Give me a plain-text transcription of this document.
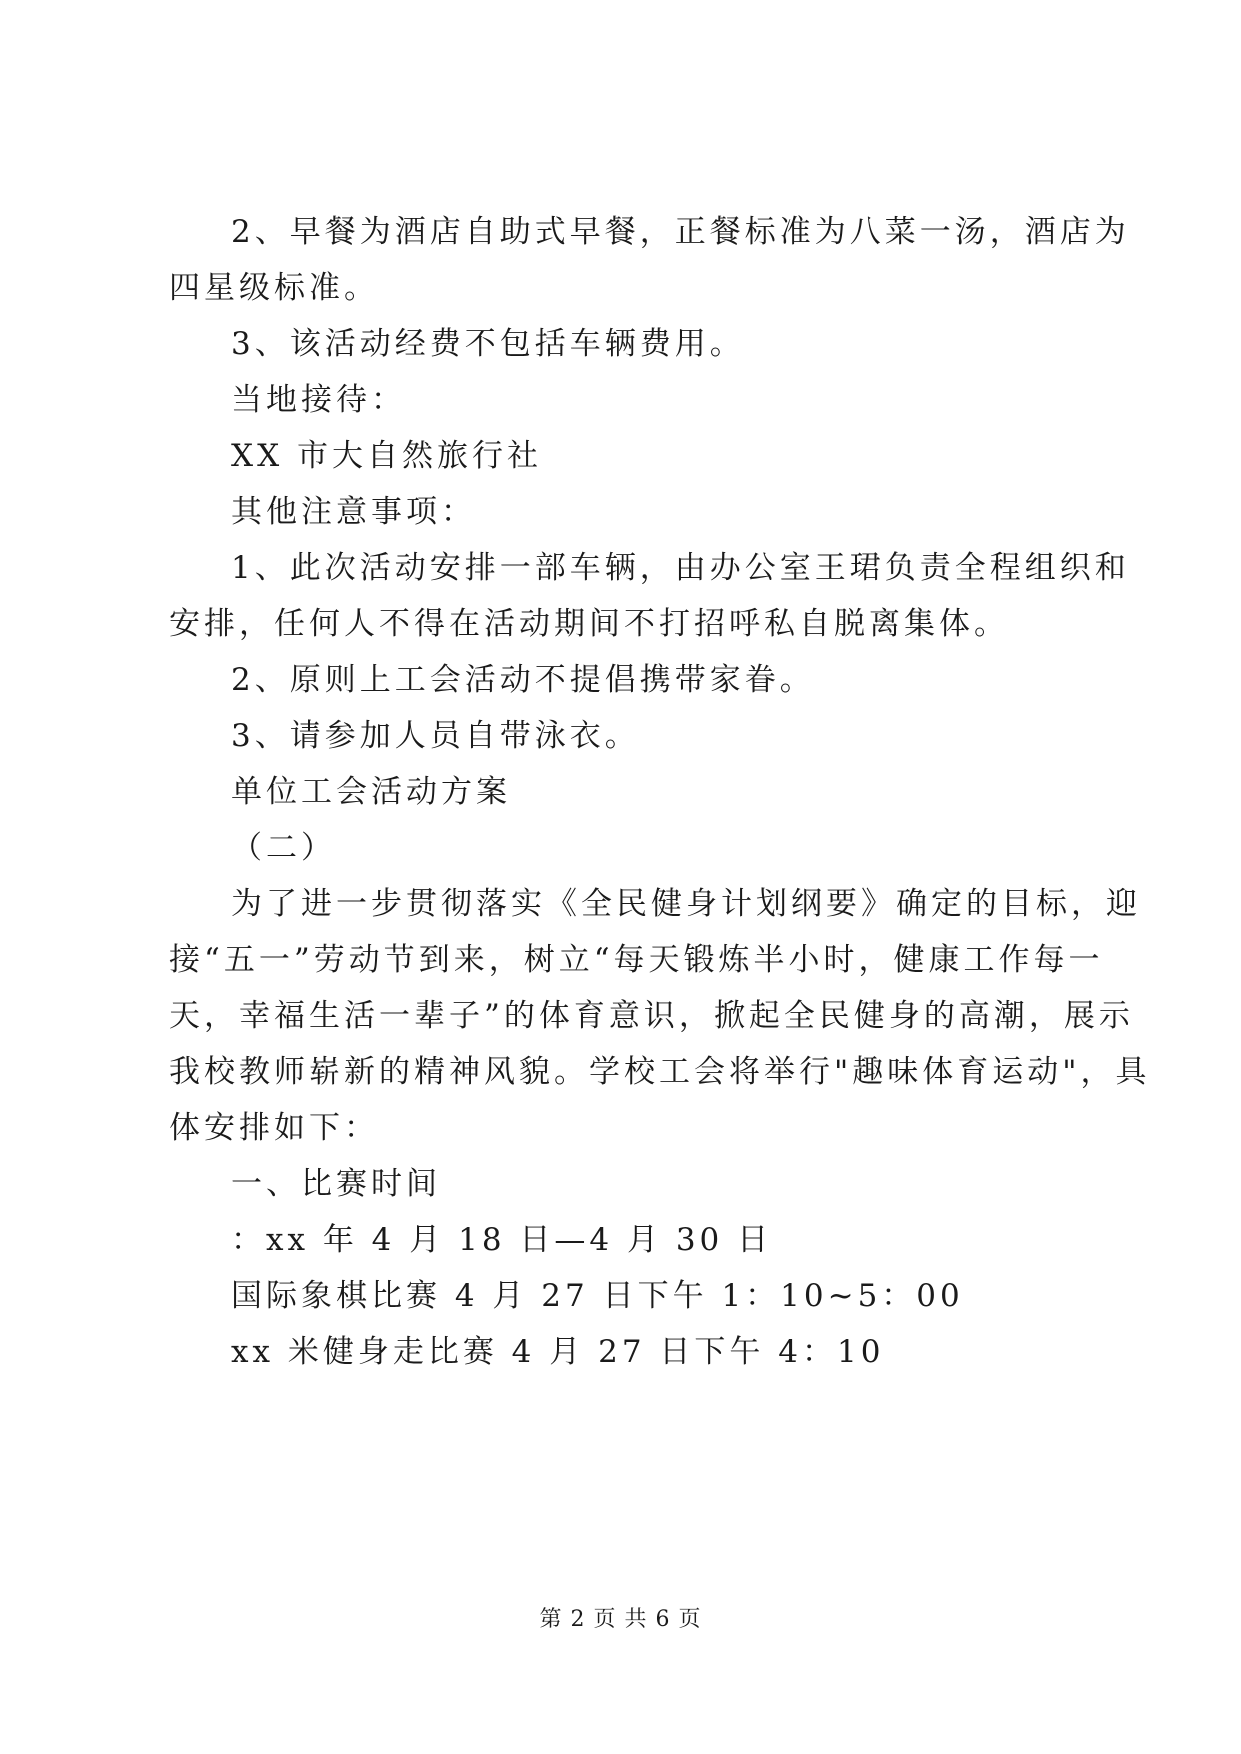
2、早餐为酒店自助式早餐，正餐标准为八菜一汤，酒店为
四星级标准。
3、该活动经费不包括车辆费用。
当地接待：
XX 市大自然旅行社
其他注意事项：
1、此次活动安排一部车辆，由办公室王珺负责全程组织和
安排，任何人不得在活动期间不打招呼私自脱离集体。
2、原则上工会活动不提倡携带家眷。
3、请参加人员自带泳衣。
单位工会活动方案
（二）
为了进一步贯彻落实《全民健身计划纲要》确定的目标，迎
接“五一”劳动节到来，树立“每天锻炼半小时，健康工作每一
天，幸福生活一辈子”的体育意识，掀起全民健身的高潮，展示
我校教师崭新的精神风貌。学校工会将举行"趣味体育运动"，具
体安排如下：
一、比赛时间
：xx 年 4 月 18 日—4 月 30 日
国际象棋比赛 4 月 27 日下午 1：10~5：00
xx 米健身走比赛 4 月 27 日下午 4：10
第 2 页 共 6 页
